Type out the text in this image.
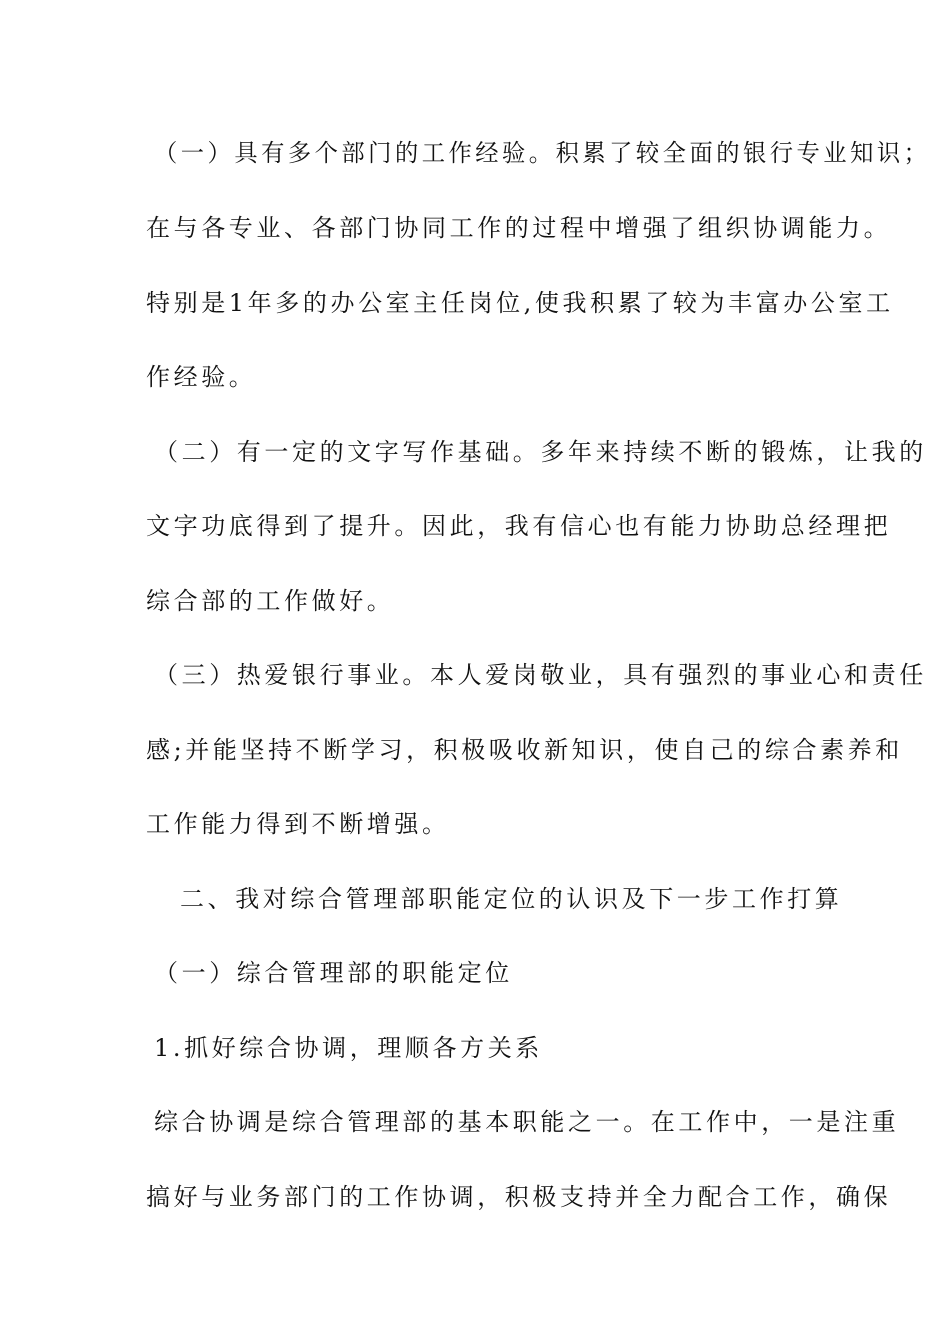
（一）具有多个部门的工作经验。积累了较全面的银行专业知识；
在与各专业、各部门协同工作的过程中增强了组织协调能力。
特别是1年多的办公室主任岗位,使我积累了较为丰富办公室工
作经验。
（二）有一定的文字写作基础。多年来持续不断的锻炼，让我的
文字功底得到了提升。因此，我有信心也有能力协助总经理把
综合部的工作做好。
（三）热爱银行事业。本人爱岗敬业，具有强烈的事业心和责任
感;并能坚持不断学习，积极吸收新知识，使自己的综合素养和
工作能力得到不断增强。
二、我对综合管理部职能定位的认识及下一步工作打算
（一）综合管理部的职能定位
1.抓好综合协调，理顺各方关系
综合协调是综合管理部的基本职能之一。在工作中，一是注重
搞好与业务部门的工作协调，积极支持并全力配合工作，确保
